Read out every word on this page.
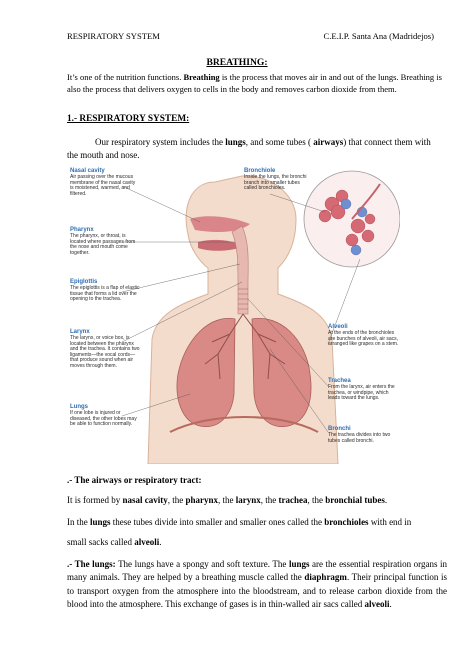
RESPIRATORY SYSTEM	C.E.I.P. Santa Ana (Madridejos)
BREATHING:
It’s one of the nutrition functions. Breathing is the process that moves air in and out of the lungs. Breathing is also the process that delivers oxygen to cells in the body and removes carbon dioxide from them.
1.- RESPIRATORY SYSTEM:
Our respiratory system includes the lungs, and some tubes ( airways) that connect them with the mouth and nose.
Nasal cavity
Air passing over the mucous membrane of the nasal cavity is moistened, warmed, and filtered.
Pharynx
The pharynx, or throat, is located where passages from the nose and mouth come together.
Epiglottis
The epiglottis is a flap of elastic tissue that forms a lid over the opening to the trachea.
Larynx
The larynx, or voice box, is located between the pharynx and the trachea. It contains two ligaments—the vocal cords—that produce sound when air moves through them.
Lungs
If one lobe is injured or diseased, the other lobes may be able to function normally.
Bronchiole
Inside the lungs, the bronchi branch into smaller tubes called bronchioles.
Alveoli
At the ends of the bronchioles are bunches of alveoli, air sacs, arranged like grapes on a stem.
Trachea
From the larynx, air enters the trachea, or windpipe, which leads toward the lungs.
Bronchi
The trachea divides into two tubes called bronchi.
.- The airways or respiratory tract:
It is formed by nasal cavity, the pharynx, the larynx, the trachea, the bronchial tubes.
In the lungs these tubes divide into smaller and smaller ones called the bronchioles with end in
small sacks called alveoli.
.- The lungs: The lungs have a spongy and soft texture. The lungs are the essential respiration organs in many animals. They are helped by a breathing muscle called the diaphragm. Their principal function is to transport oxygen from the atmosphere into the bloodstream, and to release carbon dioxide from the blood into the atmosphere. This exchange of gases is in thin-walled air sacs called alveoli.
